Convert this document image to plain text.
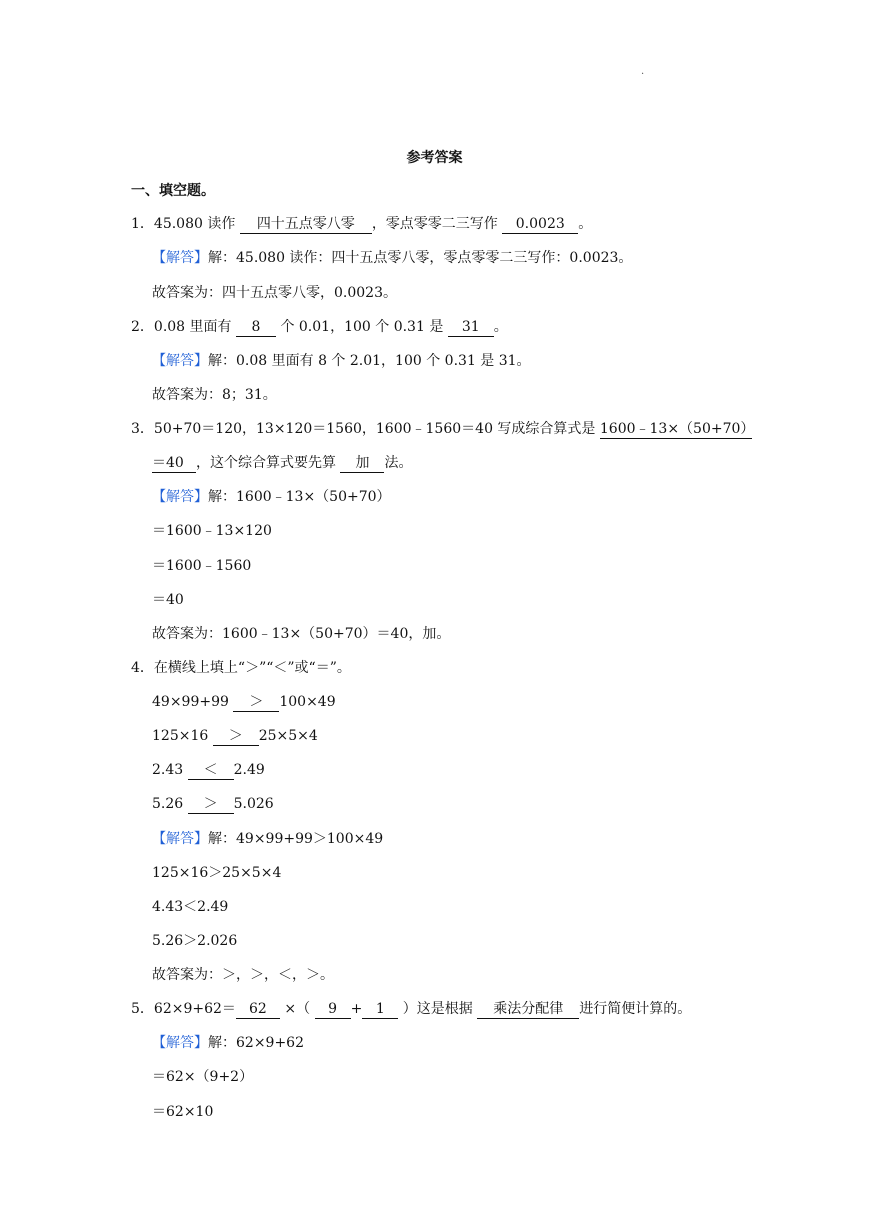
.
参考答案
一、填空题。
1．45.080 读作 四十五点零八零 ，零点零零二三写作 0.0023 。
【解答】解：45.080 读作：四十五点零八零，零点零零二三写作：0.0023。
故答案为：四十五点零八零，0.0023。
2．0.08 里面有 8 个 0.01，100 个 0.31 是 31 。
【解答】解：0.08 里面有 8 个 2.01，100 个 0.31 是 31。
故答案为：8；31。
3．50+70＝120，13×120＝1560，1600﹣1560＝40 写成综合算式是 1600﹣13×（50+70）
＝40 ，这个综合算式要先算 加 法。
【解答】解：1600﹣13×（50+70）
＝1600﹣13×120
＝1600﹣1560
＝40
故答案为：1600﹣13×（50+70）＝40，加。
4．在横线上填上“＞”“＜”或“＝”。
49×99+99 ＞ 100×49
125×16 ＞ 25×5×4
2.43 ＜ 2.49
5.26 ＞ 5.026
【解答】解：49×99+99＞100×49
125×16＞25×5×4
4.43＜2.49
5.26＞2.026
故答案为：＞，＞，＜，＞。
5．62×9+62＝ 62 ×（ 9 + 1 ）这是根据 乘法分配律 进行简便计算的。
【解答】解：62×9+62
＝62×（9+2）
＝62×10
